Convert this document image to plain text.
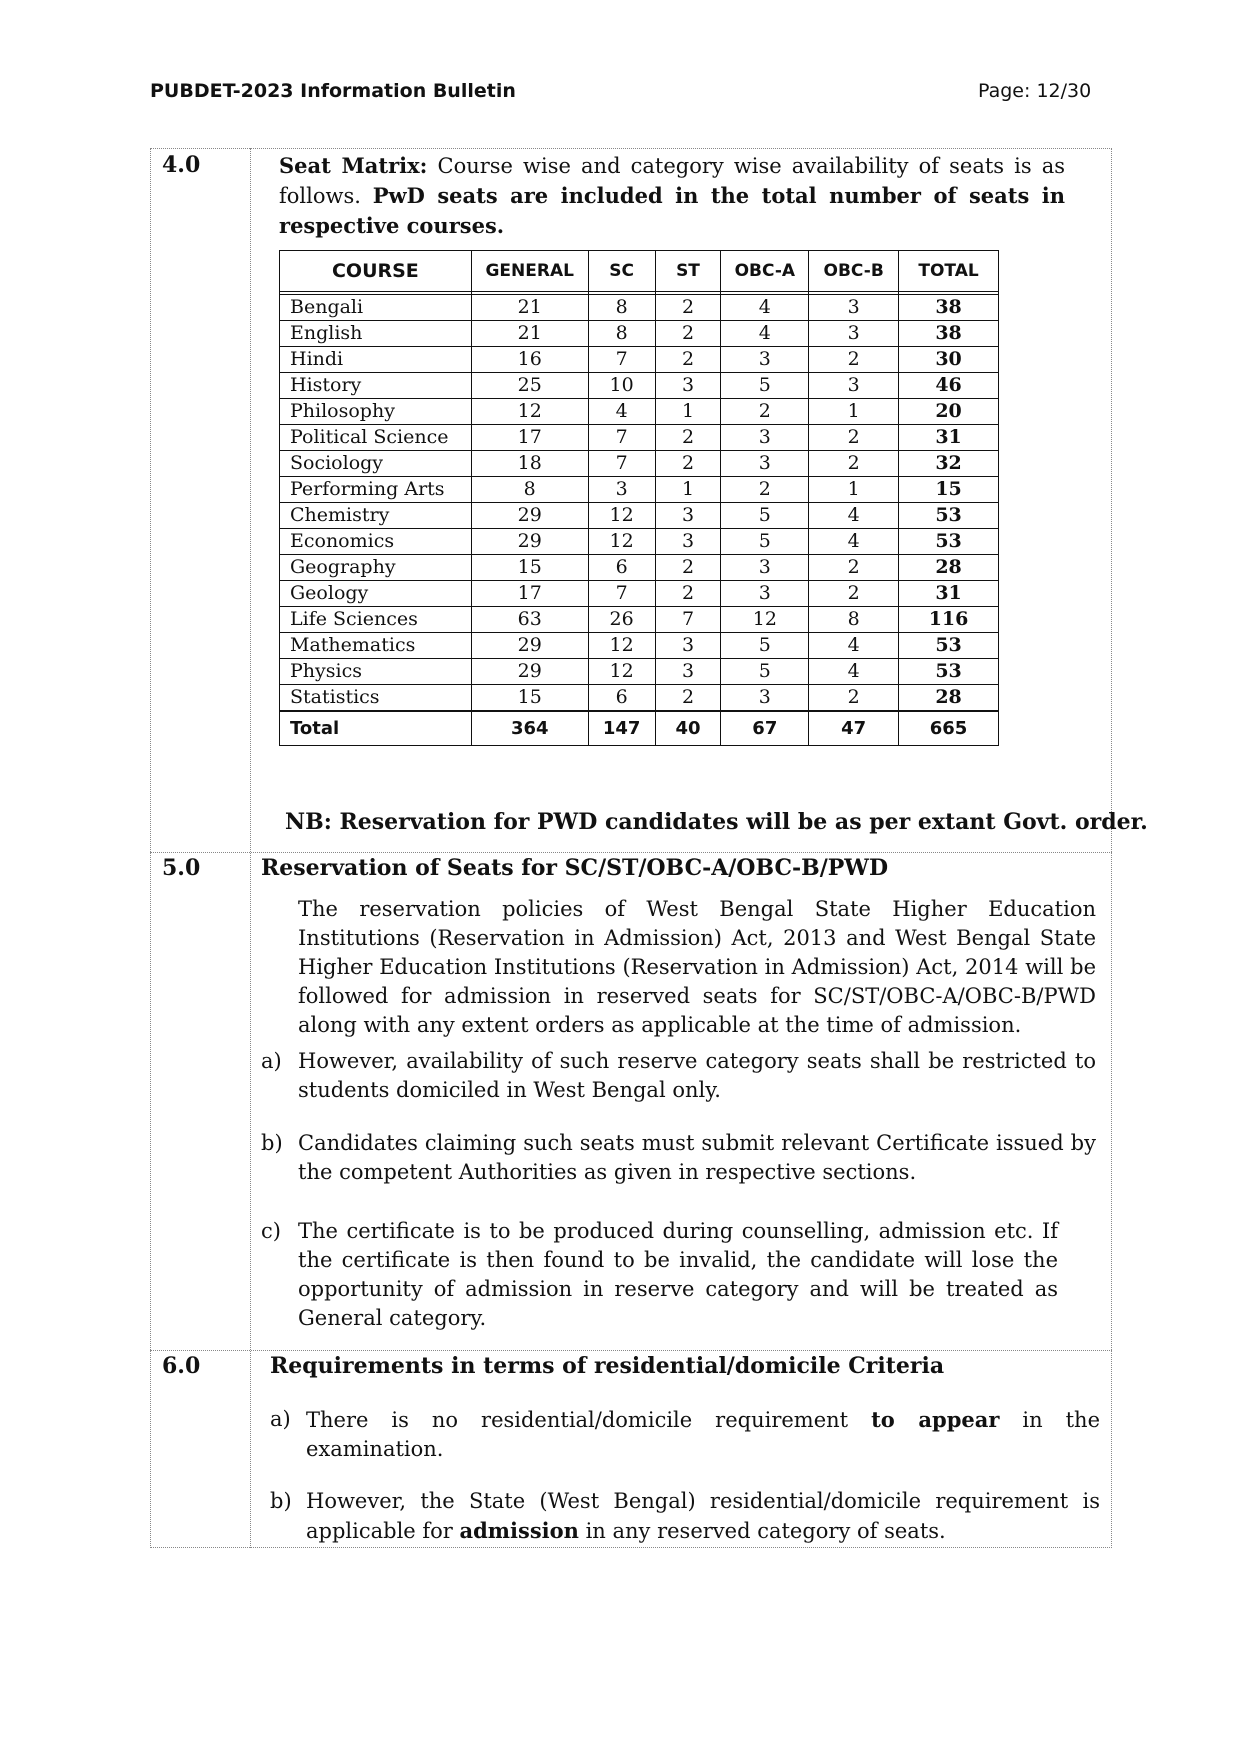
PUBDET-2023 Information Bulletin	Page: 12/30
4.0	Seat Matrix: Course wise and category wise availability of seats is as follows. PwD seats are included in the total number of seats in respective courses.
COURSE	GENERAL	SC	ST	OBC-A	OBC-B	TOTAL

Bengali	21	8	2	4	3	38
English	21	8	2	4	3	38
Hindi	16	7	2	3	2	30
History	25	10	3	5	3	46
Philosophy	12	4	1	2	1	20
Political Science	17	7	2	3	2	31
Sociology	18	7	2	3	2	32
Performing Arts	8	3	1	2	1	15
Chemistry	29	12	3	5	4	53
Economics	29	12	3	5	4	53
Geography	15	6	2	3	2	28
Geology	17	7	2	3	2	31
Life Sciences	63	26	7	12	8	116
Mathematics	29	12	3	5	4	53
Physics	29	12	3	5	4	53
Statistics	15	6	2	3	2	28
Total	364	147	40	67	47	665
NB: Reservation for PWD candidates will be as per extant Govt. order.
5.0	Reservation of Seats for SC/ST/OBC-A/OBC-B/PWD
The reservation policies of West Bengal State Higher Education Institutions (Reservation in Admission) Act, 2013 and West Bengal State Higher Education Institutions (Reservation in Admission) Act, 2014 will be followed for admission in reserved seats for SC/ST/OBC-A/OBC-B/PWD along with any extent orders as applicable at the time of admission.
a) However, availability of such reserve category seats shall be restricted to students domiciled in West Bengal only.
b) Candidates claiming such seats must submit relevant Certificate issued by the competent Authorities as given in respective sections.
c) The certificate is to be produced during counselling, admission etc. If the certificate is then found to be invalid, the candidate will lose the opportunity of admission in reserve category and will be treated as General category.
6.0	Requirements in terms of residential/domicile Criteria
a) There is no residential/domicile requirement to appear in the examination.
b) However, the State (West Bengal) residential/domicile requirement is applicable for admission in any reserved category of seats.
